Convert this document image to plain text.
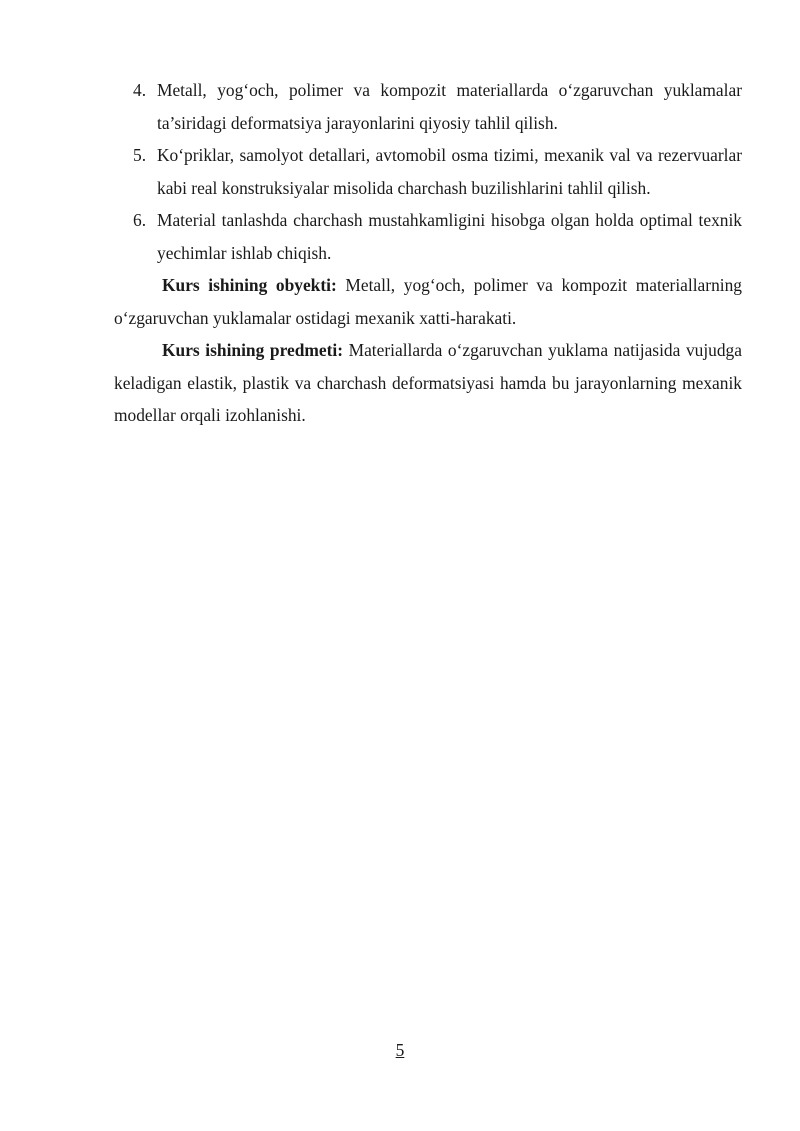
4. Metall, yog‘och, polimer va kompozit materiallarda o‘zgaruvchan yuklamalar ta’siridagi deformatsiya jarayonlarini qiyosiy tahlil qilish.
5. Ko‘priklar, samolyot detallari, avtomobil osma tizimi, mexanik val va rezervuarlar kabi real konstruksiyalar misolida charchash buzilishlarini tahlil qilish.
6. Material tanlashda charchash mustahkamligini hisobga olgan holda optimal texnik yechimlar ishlab chiqish.

Kurs ishining obyekti: Metall, yog‘och, polimer va kompozit materiallarning o‘zgaruvchan yuklamalar ostidagi mexanik xatti-harakati.

Kurs ishining predmeti: Materiallarda o‘zgaruvchan yuklama natijasida vujudga keladigan elastik, plastik va charchash deformatsiyasi hamda bu jarayonlarning mexanik modellar orqali izohlanishi.

5
